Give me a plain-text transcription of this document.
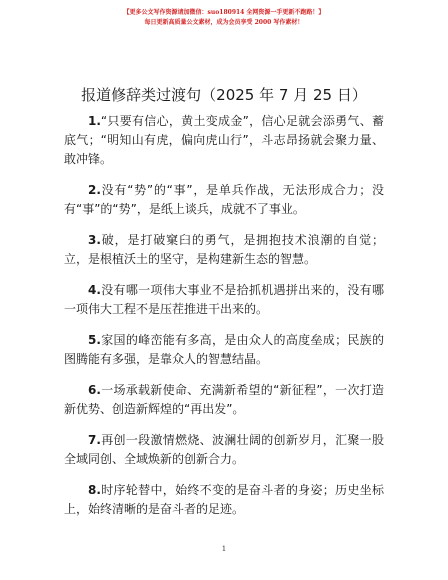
【更多公文写作资源请加微信：suo180914 全网资源一手更新不跑路！】
每日更新高质量公文素材，成为会员享受 2000 写作素材！
报道修辞类过渡句（2025 年 7 月 25 日）

1.“只要有信心，黄土变成金”，信心足就会添勇气、蓄底气；“明知山有虎，偏向虎山行”，斗志昂扬就会聚力量、敢冲锋。

2.没有“势”的“事”，是单兵作战，无法形成合力；没有“事”的“势”，是纸上谈兵，成就不了事业。

3.破，是打破窠臼的勇气，是拥抱技术浪潮的自觉；立，是根植沃土的坚守，是构建新生态的智慧。

4.没有哪一项伟大事业不是拾抓机遇拼出来的，没有哪一项伟大工程不是压茬推进干出来的。

5.家国的峰峦能有多高，是由众人的高度垒成；民族的图腾能有多强，是靠众人的智慧结晶。

6.一场承载新使命、充满新希望的“新征程”，一次打造新优势、创造新辉煌的“再出发”。

7.再创一段激情燃烧、波澜壮阔的创新岁月，汇聚一股全域同创、全域焕新的创新合力。

8.时序轮替中，始终不变的是奋斗者的身姿；历史坐标上，始终清晰的是奋斗者的足迹。

1
